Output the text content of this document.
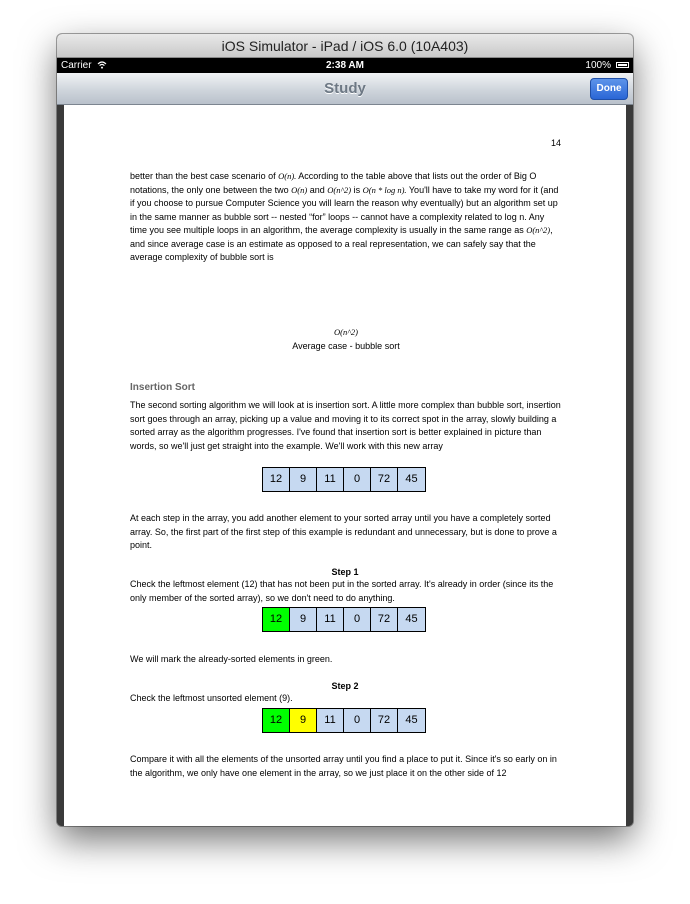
iOS Simulator - iPad / iOS 6.0 (10A403)
Carrier	2:38 AM	100%
Study	Done
14

better than the best case scenario of O(n). According to the table above that lists out the order of Big O notations, the only one between the two O(n) and O(n^2) is O(n * log n). You'll have to take my word for it (and if you choose to pursue Computer Science you will learn the reason why eventually) but an algorithm set up in the same manner as bubble sort -- nested “for” loops -- cannot have a complexity related to log n. Any time you see multiple loops in an algorithm, the average complexity is usually in the same range as O(n^2), and since average case is an estimate as opposed to a real representation, we can safely say that the average complexity of bubble sort is

O(n^2)

Average case - bubble sort

Insertion Sort

The second sorting algorithm we will look at is insertion sort. A little more complex than bubble sort, insertion sort goes through an array, picking up a value and moving it to its correct spot in the array, slowly building a sorted array as the algorithm progresses. I've found that insertion sort is better explained in picture than words, so we'll just get straight into the example. We'll work with this new array

12	9	11	0	72	45

At each step in the array, you add another element to your sorted array until you have a completely sorted array. So, the first part of the first step of this example is redundant and unnecessary, but is done to prove a point.

Step 1

Check the leftmost element (12) that has not been put in the sorted array. It's already in order (since its the only member of the sorted array), so we don't need to do anything.

12	9	11	0	72	45

We will mark the already-sorted elements in green.

Step 2

Check the leftmost unsorted element (9).

12	9	11	0	72	45

Compare it with all the elements of the unsorted array until you find a place to put it. Since it's so early on in the algorithm, we only have one element in the array, so we just place it on the other side of 12
